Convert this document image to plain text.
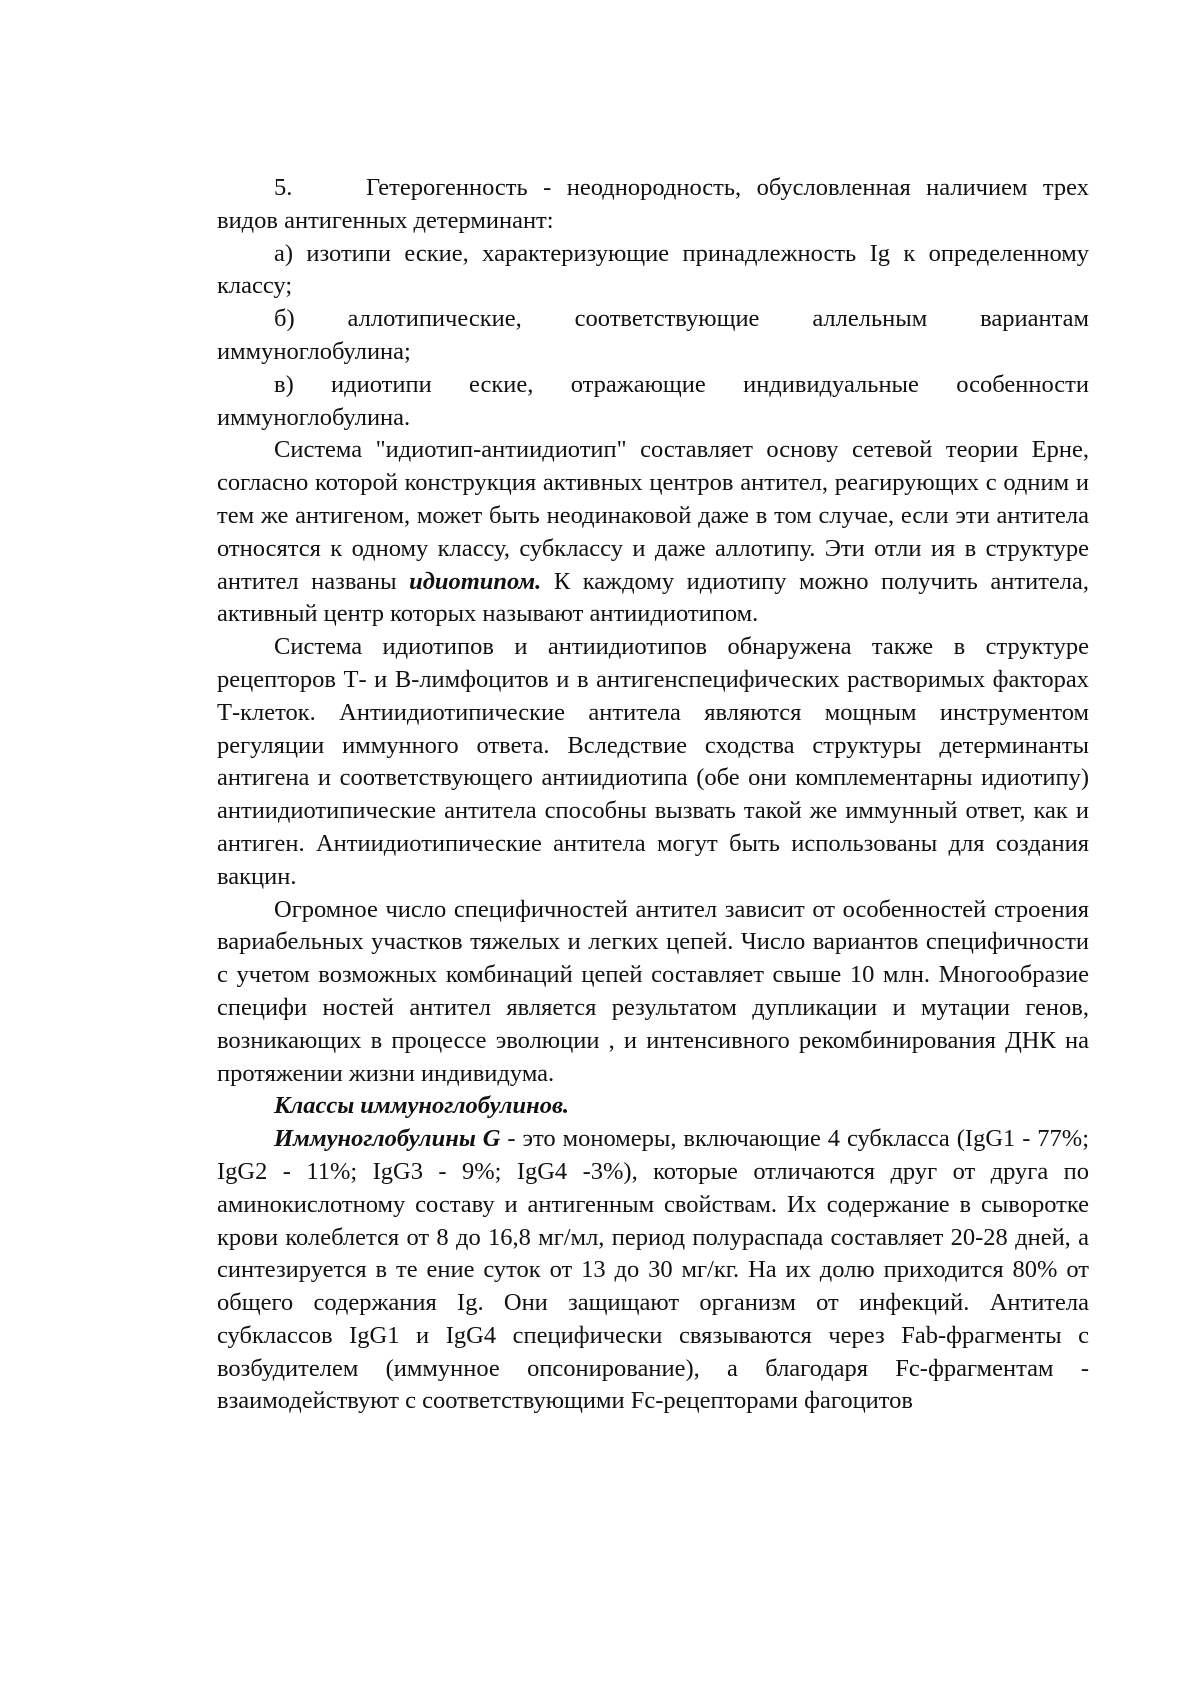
5.	Гетерогенность - неоднородность, обусловленная наличием трех видов антигенных детерминант:

а) изотипи еские, характеризующие принадлежность Ig к определенному классу;

б) аллотипические, соответствующие аллельным вариантам иммуноглобулина;

в) идиотипи еские, отражающие индивидуальные особенности иммуноглобулина.

Система "идиотип-антиидиотип" составляет основу сетевой теории Ерне, согласно которой конструкция активных центров антител, реагирующих с одним и тем же антигеном, может быть неодинаковой даже в том случае, если эти антитела относятся к одному классу, субклассу и даже аллотипу. Эти отли ия в структуре антител названы идиотипом. К каждому идиотипу можно получить антитела, активный центр которых называют антиидиотипом.

Система идиотипов и антиидиотипов обнаружена также в структуре рецепторов Т- и В-лимфоцитов и в антигенспецифических растворимых факторах Т-клеток. Антиидиотипические антитела являются мощным инструментом регуляции иммунного ответа. Вследствие сходства структуры детерминанты антигена и соответствующего антиидиотипа (обе они комплементарны идиотипу) антиидиотипические антитела способны вызвать такой же иммунный ответ, как и антиген. Антиидиотипические антитела могут быть использованы для создания вакцин.

Огромное число специфичностей антител зависит от особенностей строения вариабельных участков тяжелых и легких цепей. Число вариантов специфичности с учетом возможных комбинаций цепей составляет свыше 10 млн. Многообразие специфи ностей антител является результатом дупликации и мутации генов, возникающих в процессе эволюции , и интенсивного рекомбинирования ДНК на протяжении жизни индивидума.

Классы иммуноглобулинов.

Иммуноглобулины G - это мономеры, включающие 4 субкласса (IgG1 - 77%; IgG2 - 11%; IgG3 - 9%; IgG4 -3%), которые отличаются друг от друга по аминокислотному составу и антигенным свойствам. Их содержание в сыворотке крови колеблется от 8 до 16,8 мг/мл, период полураспада составляет 20-28 дней, а синтезируется в те ение суток от 13 до 30 мг/кг. На их долю приходится 80% от общего содержания Ig. Они защищают организм от инфекций. Антитела субклассов IgG1 и IgG4 специфически связываются через Fab-фрагменты с возбудителем (иммунное опсонирование), а благодаря Fc-фрагментам - взаимодействуют с соответствующими Fc-рецепторами фагоцитов
